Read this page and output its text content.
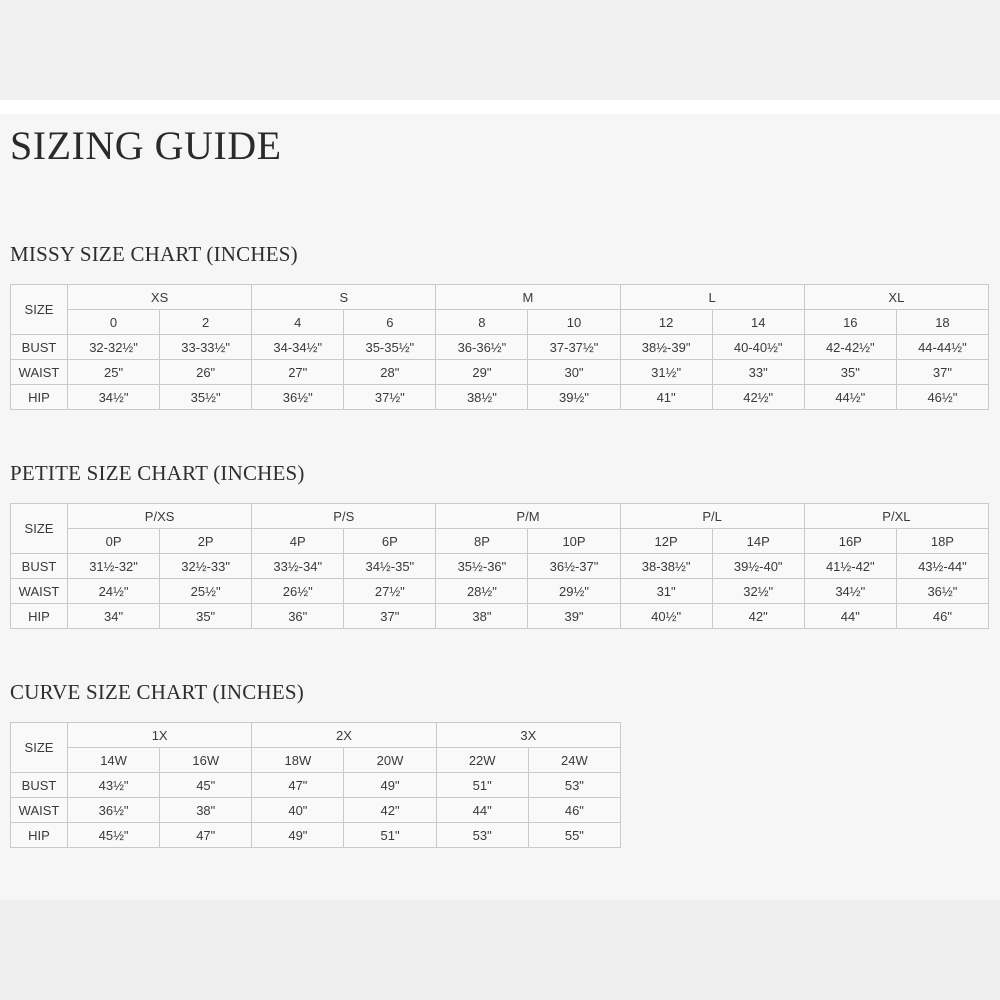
SIZING GUIDE
MISSY SIZE CHART (INCHES)
SIZE	XS		S		M		L		XL	
	0	2	4	6	8	10	12	14	16	18
BUST	32-32½"	33-33½"	34-34½"	35-35½"	36-36½"	37-37½"	38½-39"	40-40½"	42-42½"	44-44½"
WAIST	25"	26"	27"	28"	29"	30"	31½"	33"	35"	37"
HIP	34½"	35½"	36½"	37½"	38½"	39½"	41"	42½"	44½"	46½"
PETITE SIZE CHART (INCHES)
SIZE	P/XS		P/S		P/M		P/L		P/XL	
	0P	2P	4P	6P	8P	10P	12P	14P	16P	18P
BUST	31½-32"	32½-33"	33½-34"	34½-35"	35½-36"	36½-37"	38-38½"	39½-40"	41½-42"	43½-44"
WAIST	24½"	25½"	26½"	27½"	28½"	29½"	31"	32½"	34½"	36½"
HIP	34"	35"	36"	37"	38"	39"	40½"	42"	44"	46"
CURVE SIZE CHART (INCHES)
SIZE	1X		2X		3X	
	14W	16W	18W	20W	22W	24W
BUST	43½"	45"	47"	49"	51"	53"
WAIST	36½"	38"	40"	42"	44"	46"
HIP	45½"	47"	49"	51"	53"	55"
